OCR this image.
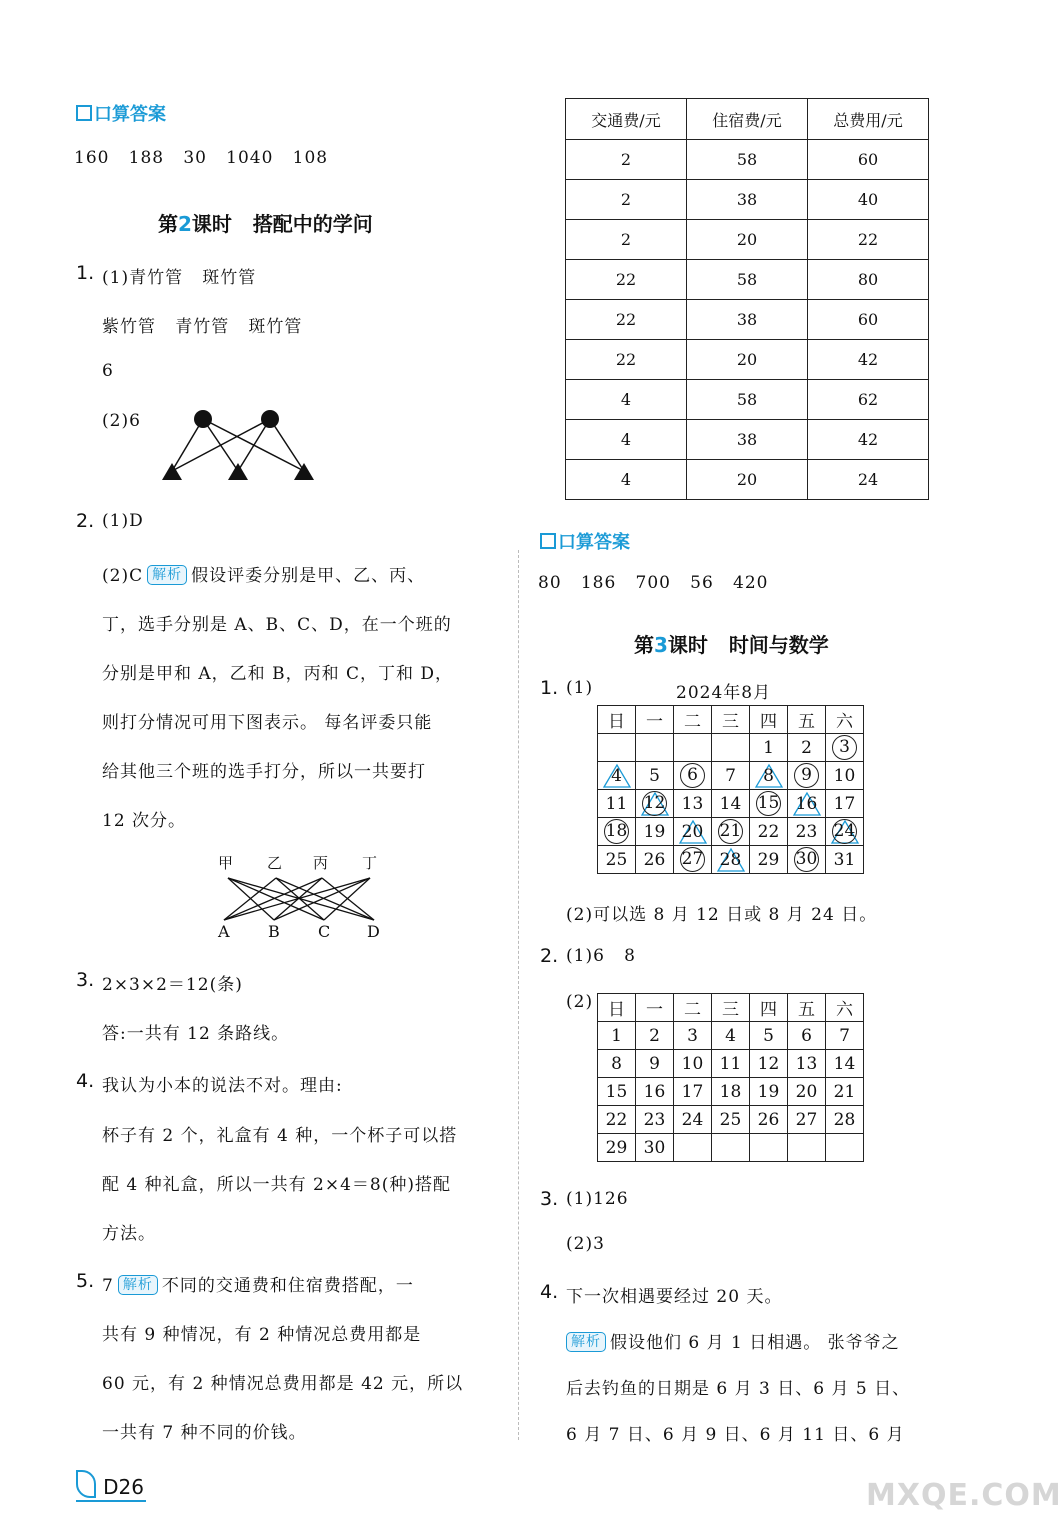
口算答案
160   188   30   1040   108
第2课时 搭配中的学问
1. (1)青竹管   斑竹管
紫竹管   青竹管   斑竹管
6
(2)6
2. (1)D
(2)C 解析 假设评委分别是甲、乙、丙、
丁，选手分别是 A、B、C、D，在一个班的
分别是甲和 A，乙和 B，丙和 C，丁和 D，
则打分情况可用下图表示。 每名评委只能
给其他三个班的选手打分，所以一共要打
12 次分。
甲 乙 丙 丁
A B C D
3. 2×3×2＝12(条)
答:一共有 12 条路线。
4. 我认为小本的说法不对。理由:
杯子有 2 个，礼盒有 4 种，一个杯子可以搭
配 4 种礼盒，所以一共有 2×4＝8(种)搭配
方法。
5. 7 解析 不同的交通费和住宿费搭配，一
共有 9 种情况，有 2 种情况总费用都是
60 元，有 2 种情况总费用都是 42 元，所以
一共有 7 种不同的价钱。
D26
交通费/元	住宿费/元	总费用/元
2	58	60
2	38	40
2	20	22
22	58	80
22	38	60
22	20	42
4	58	62
4	38	42
4	20	24
口算答案
80   186   700   56   420
第3课时 时间与数学
1. (1)	2024年8月
日	一	二	三	四	五	六
				1	2	3

4	5	6	7	8	9	10
11	12	13	14	15	16	17
18	19	20	21	22	23	24
25	26	27	28	29	30	31
(2)可以选 8 月 12 日或 8 月 24 日。
2. (1)6   8
(2) 日	一	二	三	四	五	六
1	2	3	4	5	6	7
8	9	10	11	12	13	14
15	16	17	18	19	20	21
22	23	24	25	26	27	28
29	30					
3. (1)126
(2)3
4. 下一次相遇要经过 20 天。
解析 假设他们 6 月 1 日相遇。 张爷爷之
后去钓鱼的日期是 6 月 3 日、6 月 5 日、
6 月 7 日、6 月 9 日、6 月 11 日、6 月
MXQE.COM
